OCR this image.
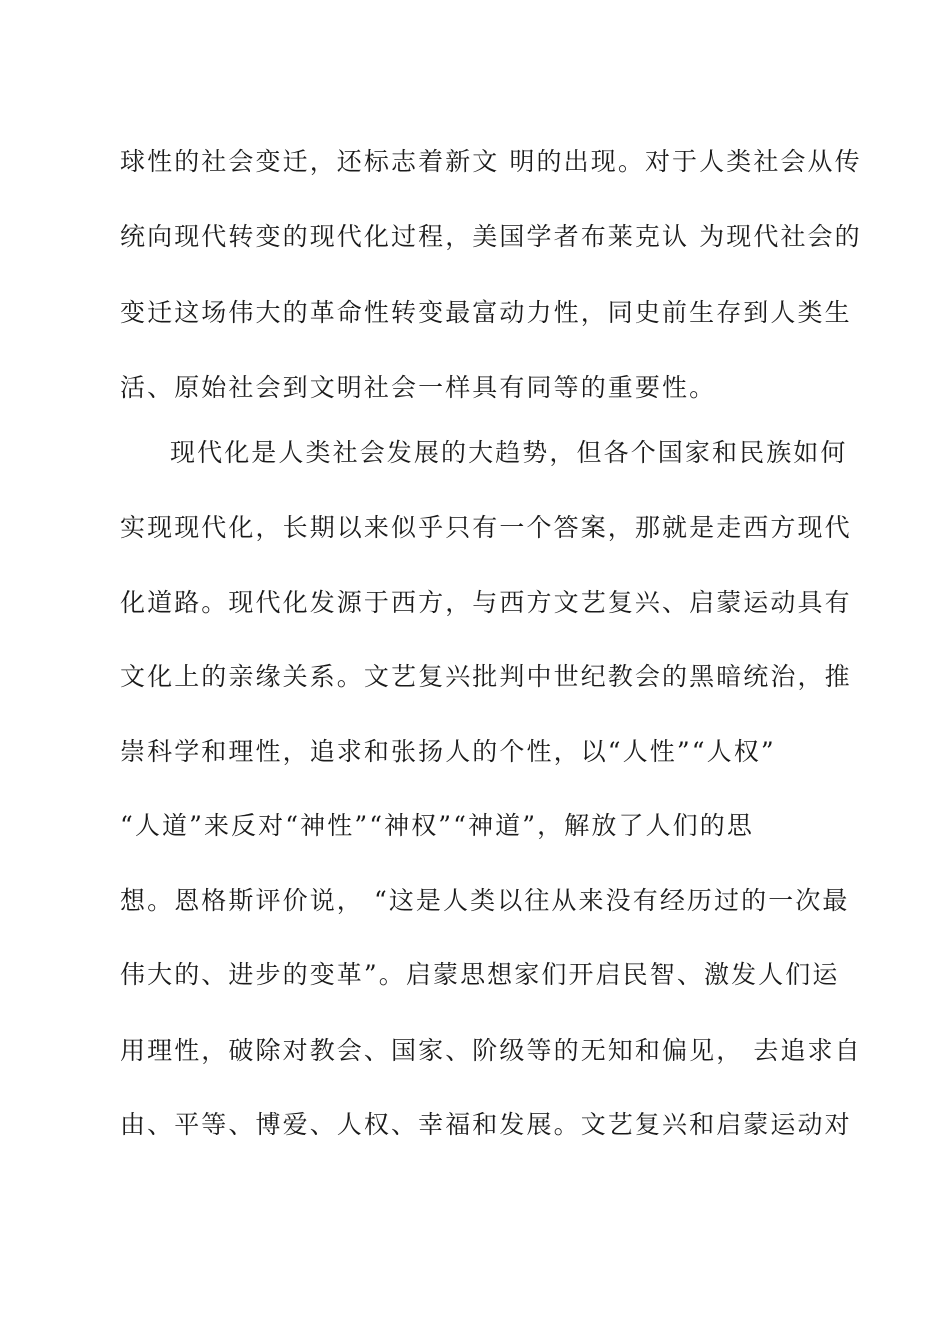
球性的社会变迁，还标志着新文 明的出现。对于人类社会从传
统向现代转变的现代化过程，美国学者布莱克认 为现代社会的
变迁这场伟大的革命性转变最富动力性，同史前生存到人类生
活、原始社会到文明社会一样具有同等的重要性。
现代化是人类社会发展的大趋势，但各个国家和民族如何
实现现代化，长期以来似乎只有一个答案，那就是走西方现代
化道路。现代化发源于西方，与西方文艺复兴、启蒙运动具有
文化上的亲缘关系。文艺复兴批判中世纪教会的黑暗统治，推
崇科学和理性，追求和张扬人的个性，以“人性”“人权”
“人道”来反对“神性”“神权”“神道”，解放了人们的思
想。恩格斯评价说， “这是人类以往从来没有经历过的一次最
伟大的、进步的变革”。启蒙思想家们开启民智、激发人们运
用理性，破除对教会、国家、阶级等的无知和偏见， 去追求自
由、平等、博爱、人权、幸福和发展。文艺复兴和启蒙运动对
